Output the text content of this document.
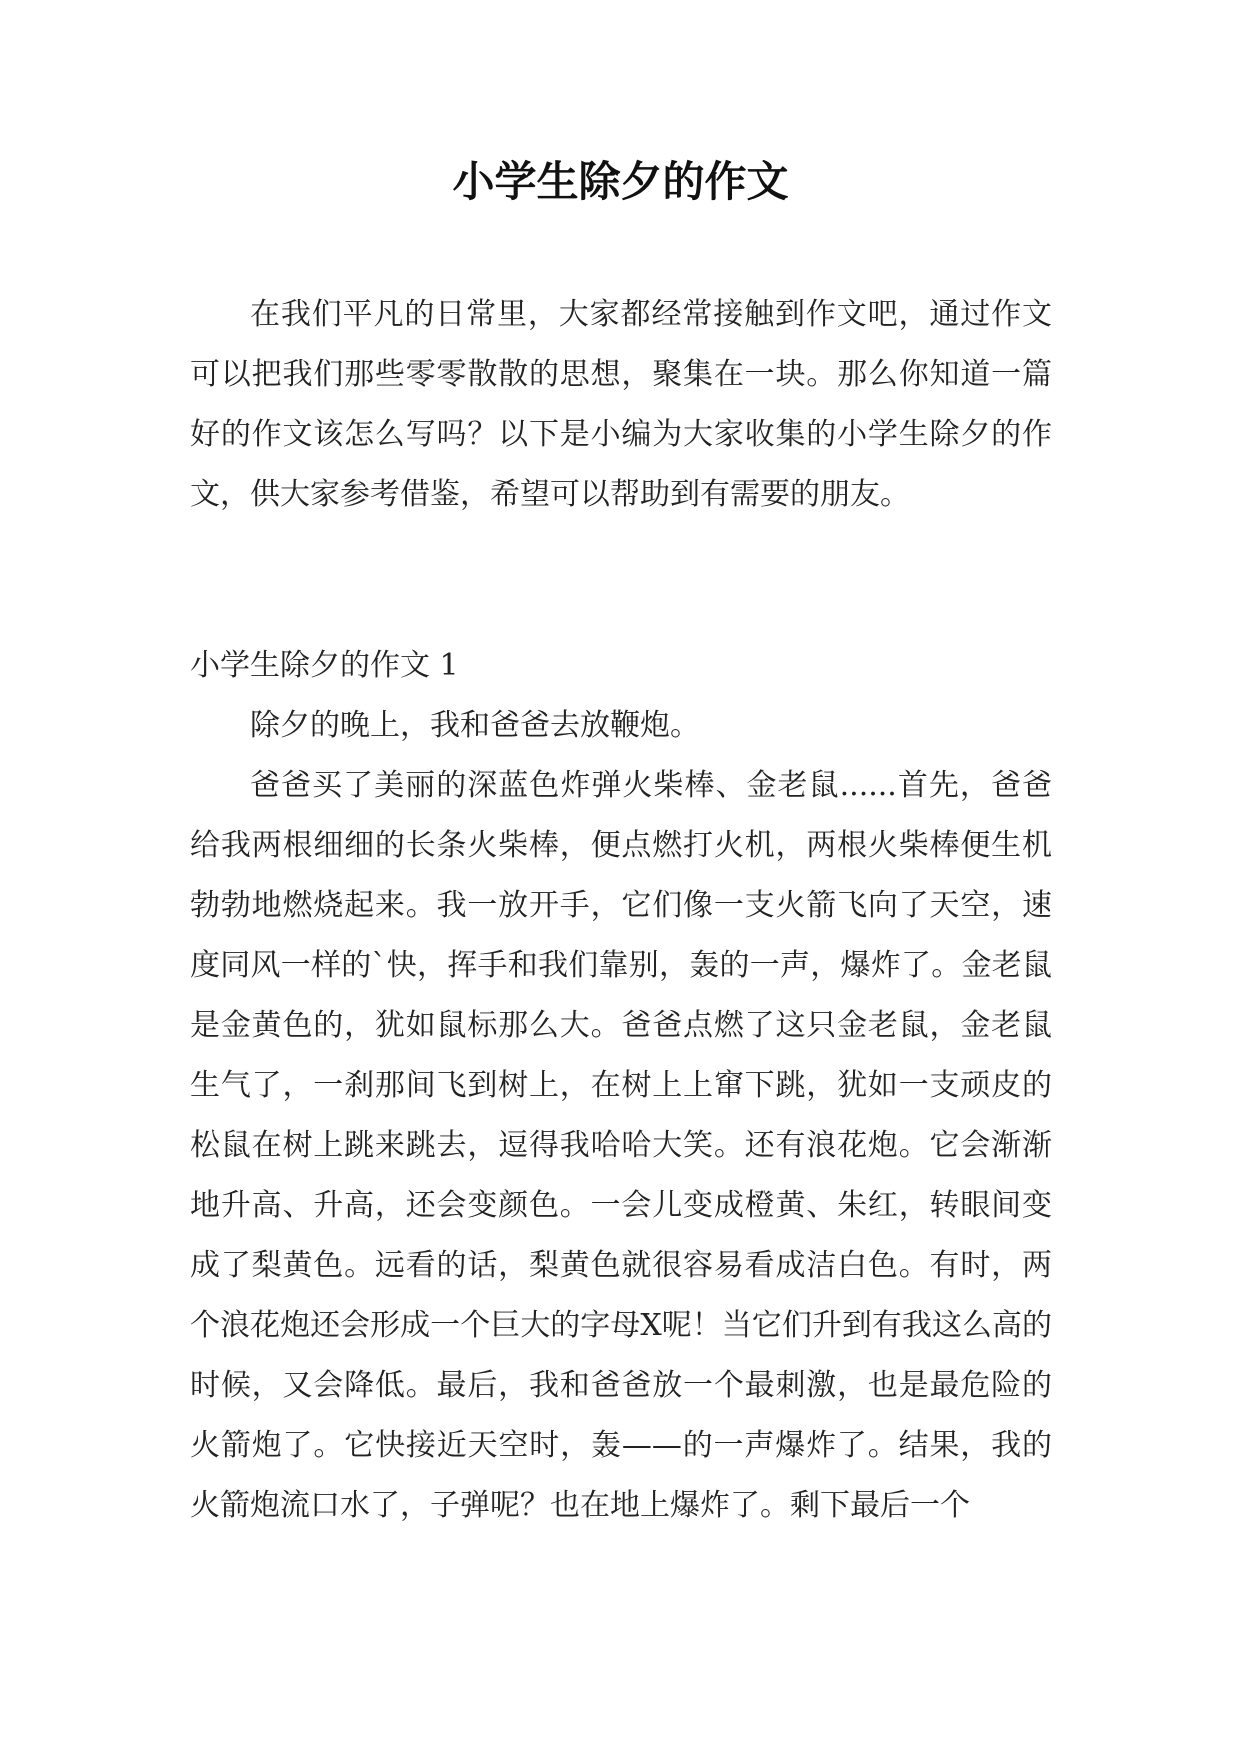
小学生除夕的作文

在我们平凡的日常里，大家都经常接触到作文吧，通过作文可以把我们那些零零散散的思想，聚集在一块。那么你知道一篇好的作文该怎么写吗？以下是小编为大家收集的小学生除夕的作文，供大家参考借鉴，希望可以帮助到有需要的朋友。

小学生除夕的作文 1

除夕的晚上，我和爸爸去放鞭炮。

爸爸买了美丽的深蓝色炸弹火柴棒、金老鼠......首先，爸爸给我两根细细的长条火柴棒，便点燃打火机，两根火柴棒便生机勃勃地燃烧起来。我一放开手，它们像一支火箭飞向了天空，速度同风一样的`快，挥手和我们靠别，轰的一声，爆炸了。金老鼠是金黄色的，犹如鼠标那么大。爸爸点燃了这只金老鼠，金老鼠生气了，一刹那间飞到树上，在树上上窜下跳，犹如一支顽皮的松鼠在树上跳来跳去，逗得我哈哈大笑。还有浪花炮。它会渐渐地升高、升高，还会变颜色。一会儿变成橙黄、朱红，转眼间变成了梨黄色。远看的话，梨黄色就很容易看成洁白色。有时，两个浪花炮还会形成一个巨大的字母X呢！当它们升到有我这么高的时候，又会降低。最后，我和爸爸放一个最刺激，也是最危险的火箭炮了。它快接近天空时，轰——的一声爆炸了。结果，我的火箭炮流口水了，子弹呢？也在地上爆炸了。剩下最后一个
